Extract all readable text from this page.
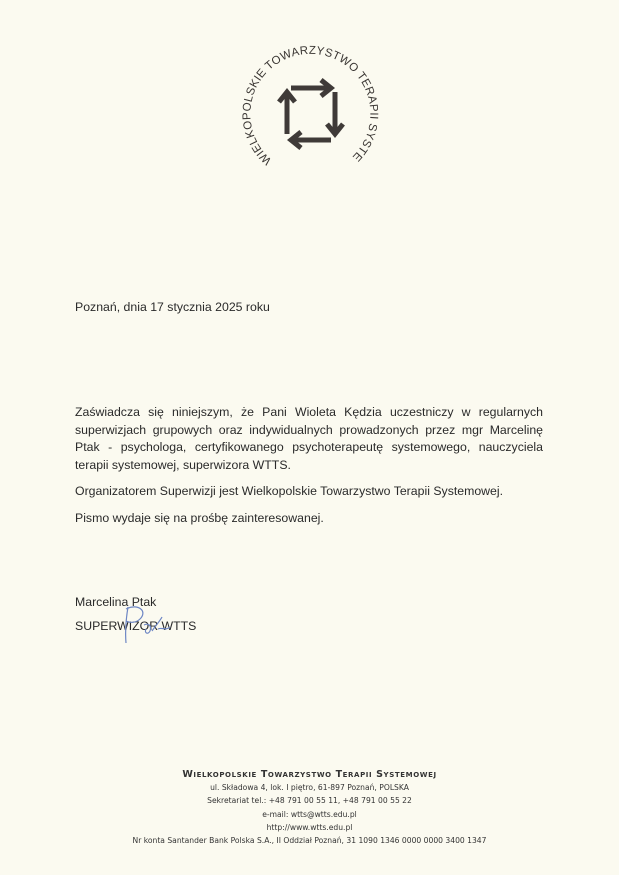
WIELKOPOLSKIE TOWARZYSTWO TERAPII SYSTE
Poznań, dnia 17 stycznia 2025 roku
Zaświadcza się niniejszym, że Pani Wioleta Kędzia uczestniczy w regularnych superwizjach grupowych oraz indywidualnych prowadzonych przez mgr Marcelinę Ptak - psychologa, certyfikowanego psychoterapeutę systemowego, nauczyciela terapii systemowej, superwizora WTTS.
Organizatorem Superwizji jest Wielkopolskie Towarzystwo Terapii Systemowej.
Pismo wydaje się na prośbę zainteresowanej.
Marcelina Ptak
SUPERWIZOR WTTS
Wielkopolskie Towarzystwo Terapii Systemowej
ul. Składowa 4, lok. I piętro, 61-897 Poznań, POLSKA
Sekretariat tel.: +48 791 00 55 11, +48 791 00 55 22
e-mail: wtts@wtts.edu.pl
http://www.wtts.edu.pl
Nr konta Santander Bank Polska S.A., II Oddział Poznań, 31 1090 1346 0000 0000 3400 1347
